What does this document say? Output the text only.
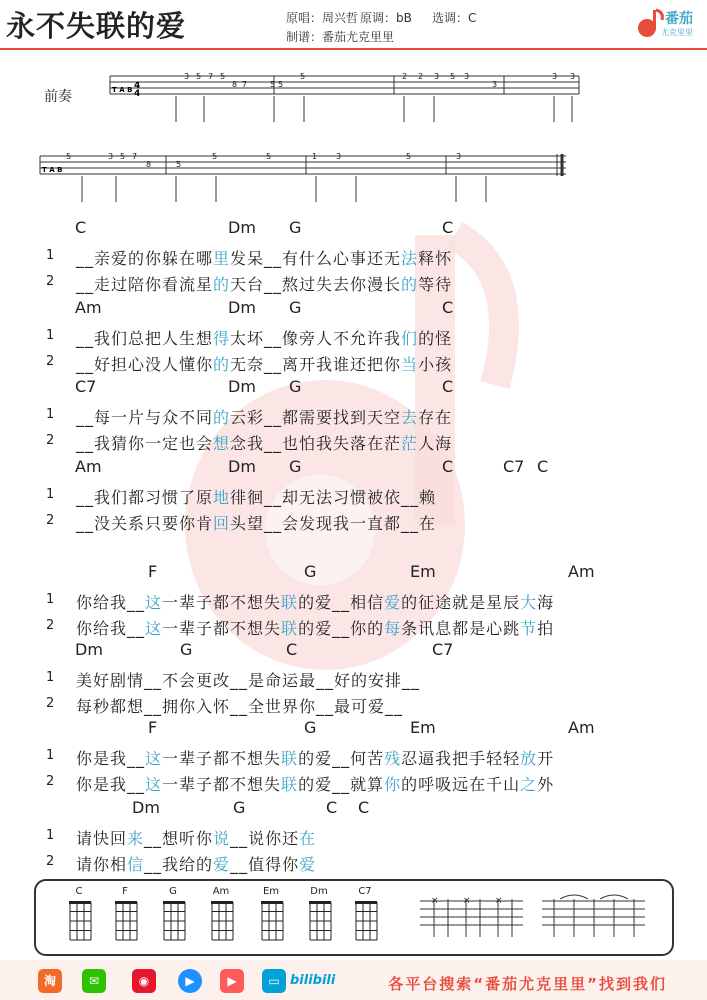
永不失联的爱	原唱：周兴哲 原调：bB 选调：C
制谱：番茄尤克里里
番茄
尤克里里
前奏	T A B 4
4
3 5 7 5
8 7	5 5
5	2 2 3 5 3
3
3 3
T A B
5	3 5 7
8	5
5	5	1 3	5	3
C	Dm G	C
1 __亲爱的你躲在哪里发呆__有什么心事还无法释怀
2 __走过陪你看流星的天台__熬过失去你漫长的等待
Am	Dm G	C
1 __我们总把人生想得太坏__像旁人不允许我们的怪
2 __好担心没人懂你的无奈__离开我谁还把你当小孩
C7	Dm G	C
1 __每一片与众不同的云彩__都需要找到天空去存在
2 __我猜你一定也会想念我__也怕我失落在茫茫人海
Am	Dm G	C	C7 C
1 __我们都习惯了原地徘徊__却无法习惯被依__赖
2 __没关系只要你肯回头望__会发现我一直都__在
F	G	Em	Am
1 你给我__这一辈子都不想失联的爱__相信爱的征途就是星辰大海
2 你给我__这一辈子都不想失联的爱__你的每条讯息都是心跳节拍
Dm	G	C	C7
1 美好剧情__不会更改__是命运最__好的安排__
2 每秒都想__拥你入怀__全世界你__最可爱__
F	G	Em	Am
1 你是我__这一辈子都不想失联的爱__何苦残忍逼我把手轻轻放开
2 你是我__这一辈子都不想失联的爱__就算你的呼吸远在千山之外
Dm	G	C C
1 请快回来__想听你说__说你还在
2 请你相信__我给的爱__值得你爱
C	F	G	Am	Em	Dm	C7
×	×	×
淘	✉	◉	▶	▶	▭ bilibili	各平台搜索“番茄尤克里里”找到我们
